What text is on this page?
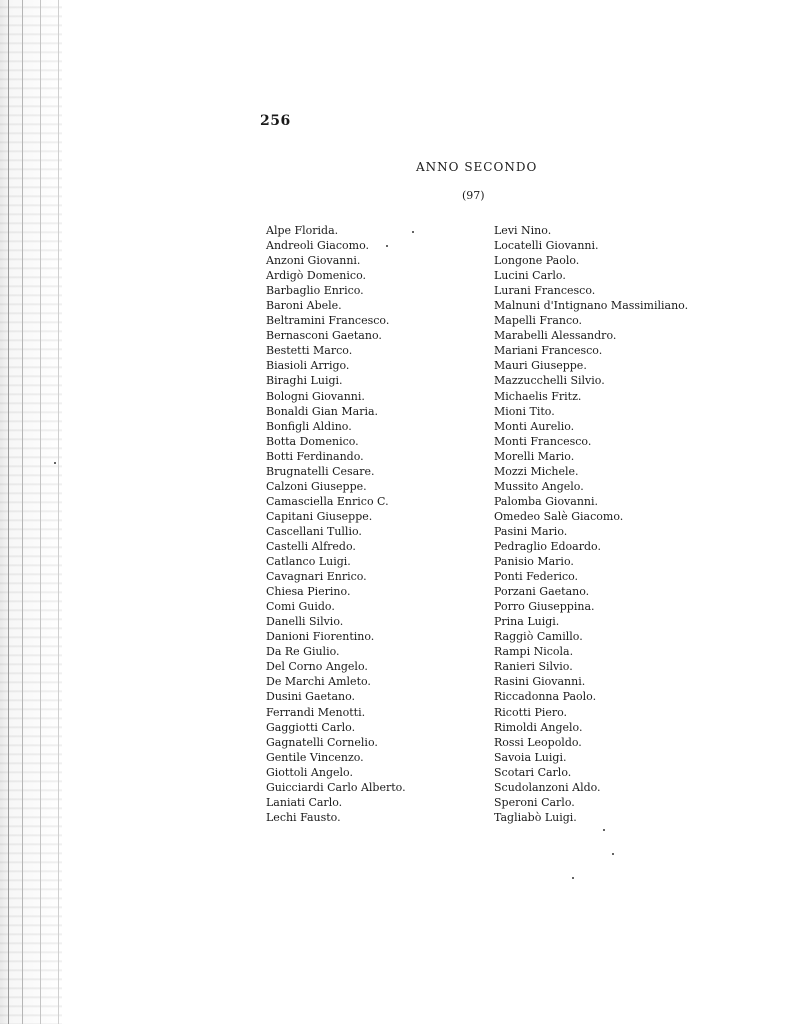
256
ANNO SECONDO
(97)
Alpe Florida.
Andreoli Giacomo.
Anzoni Giovanni.
Ardigò Domenico.
Barbaglio Enrico.
Baroni Abele.
Beltramini Francesco.
Bernasconi Gaetano.
Bestetti Marco.
Biasioli Arrigo.
Biraghi Luigi.
Bologni Giovanni.
Bonaldi Gian Maria.
Bonfigli Aldino.
Botta Domenico.
Botti Ferdinando.
Brugnatelli Cesare.
Calzoni Giuseppe.
Camasciella Enrico C.
Capitani Giuseppe.
Cascellani Tullio.
Castelli Alfredo.
Catlanco Luigi.
Cavagnari Enrico.
Chiesa Pierino.
Comi Guido.
Danelli Silvio.
Danioni Fiorentino.
Da Re Giulio.
Del Corno Angelo.
De Marchi Amleto.
Dusini Gaetano.
Ferrandi Menotti.
Gaggiotti Carlo.
Gagnatelli Cornelio.
Gentile Vincenzo.
Giottoli Angelo.
Guicciardi Carlo Alberto.
Laniati Carlo.
Lechi Fausto.
Levi Nino.
Locatelli Giovanni.
Longone Paolo.
Lucini Carlo.
Lurani Francesco.
Malnuni d'Intignano Massimiliano.
Mapelli Franco.
Marabelli Alessandro.
Mariani Francesco.
Mauri Giuseppe.
Mazzucchelli Silvio.
Michaelis Fritz.
Mioni Tito.
Monti Aurelio.
Monti Francesco.
Morelli Mario.
Mozzi Michele.
Mussito Angelo.
Palomba Giovanni.
Omedeo Salè Giacomo.
Pasini Mario.
Pedraglio Edoardo.
Panisio Mario.
Ponti Federico.
Porzani Gaetano.
Porro Giuseppina.
Prina Luigi.
Raggiò Camillo.
Rampi Nicola.
Ranieri Silvio.
Rasini Giovanni.
Riccadonna Paolo.
Ricotti Piero.
Rimoldi Angelo.
Rossi Leopoldo.
Savoia Luigi.
Scotari Carlo.
Scudolanzoni Aldo.
Speroni Carlo.
Tagliabò Luigi.
